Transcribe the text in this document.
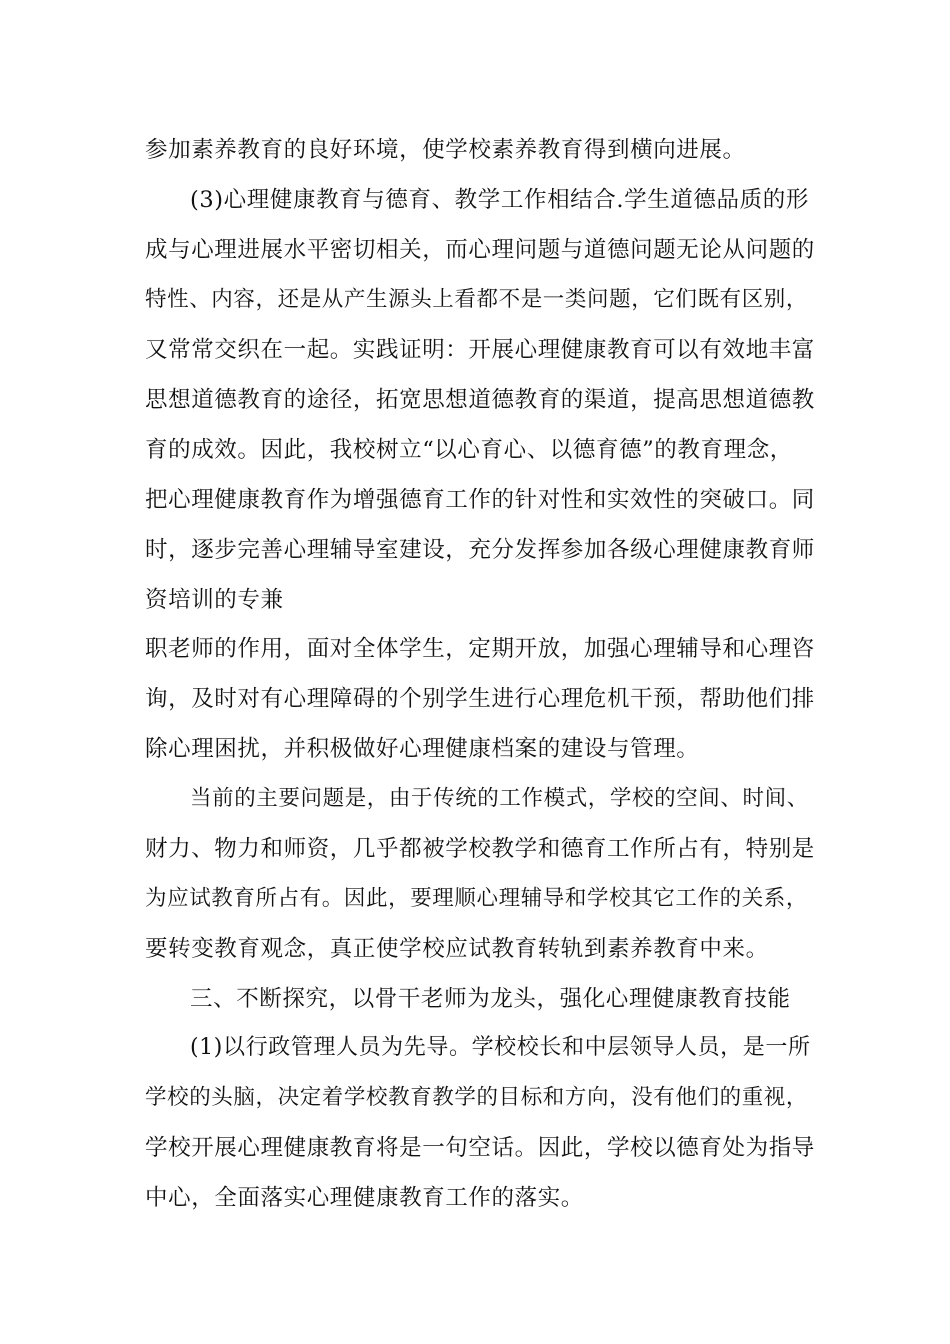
参加素养教育的良好环境，使学校素养教育得到横向进展。
(3)心理健康教育与德育、教学工作相结合.学生道德品质的形
成与心理进展水平密切相关，而心理问题与道德问题无论从问题的
特性、内容，还是从产生源头上看都不是一类问题，它们既有区别，
又常常交织在一起。实践证明：开展心理健康教育可以有效地丰富
思想道德教育的途径，拓宽思想道德教育的渠道，提高思想道德教
育的成效。因此，我校树立“以心育心、以德育德”的教育理念，
把心理健康教育作为增强德育工作的针对性和实效性的突破口。同
时，逐步完善心理辅导室建设，充分发挥参加各级心理健康教育师
资培训的专兼
职老师的作用，面对全体学生，定期开放，加强心理辅导和心理咨
询，及时对有心理障碍的个别学生进行心理危机干预，帮助他们排
除心理困扰，并积极做好心理健康档案的建设与管理。
当前的主要问题是，由于传统的工作模式，学校的空间、时间、
财力、物力和师资，几乎都被学校教学和德育工作所占有，特别是
为应试教育所占有。因此，要理顺心理辅导和学校其它工作的关系，
要转变教育观念，真正使学校应试教育转轨到素养教育中来。
三、不断探究，以骨干老师为龙头，强化心理健康教育技能
(1)以行政管理人员为先导。学校校长和中层领导人员，是一所
学校的头脑，决定着学校教育教学的目标和方向，没有他们的重视，
学校开展心理健康教育将是一句空话。因此，学校以德育处为指导
中心，全面落实心理健康教育工作的落实。
